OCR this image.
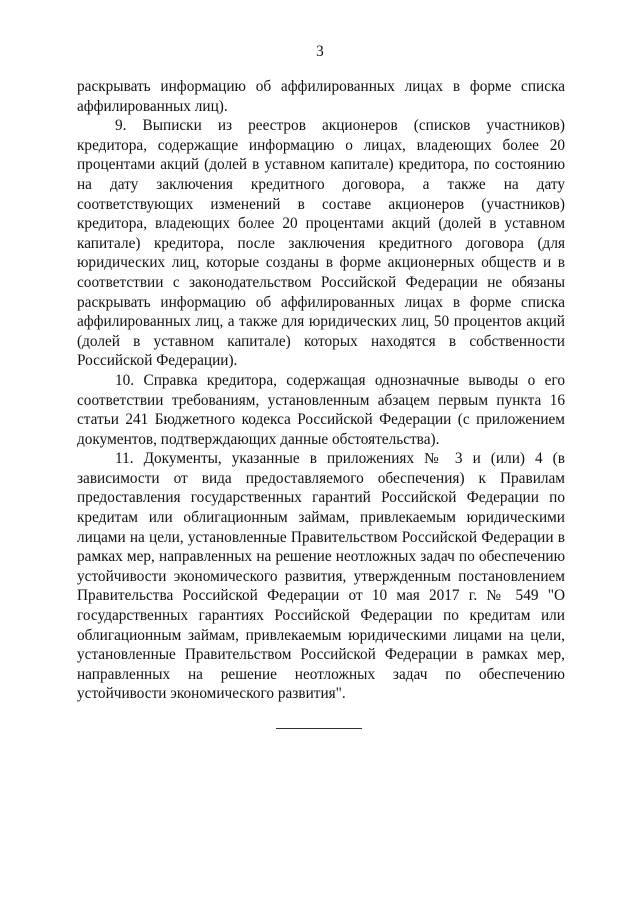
3

раскрывать информацию об аффилированных лицах в форме списка аффилированных лиц).

9. Выписки из реестров акционеров (списков участников) кредитора, содержащие информацию о лицах, владеющих более 20 процентами акций (долей в уставном капитале) кредитора, по состоянию на дату заключения кредитного договора, а также на дату соответствующих изменений в составе акционеров (участников) кредитора, владеющих более 20 процентами акций (долей в уставном капитале) кредитора, после заключения кредитного договора (для юридических лиц, которые созданы в форме акционерных обществ и в соответствии с законодательством Российской Федерации не обязаны раскрывать информацию об аффилированных лицах в форме списка аффилированных лиц, а также для юридических лиц, 50 процентов акций (долей в уставном капитале) которых находятся в собственности Российской Федерации).

10. Справка кредитора, содержащая однозначные выводы о его соответствии требованиям, установленным абзацем первым пункта 16 статьи 241 Бюджетного кодекса Российской Федерации (с приложением документов, подтверждающих данные обстоятельства).

11. Документы, указанные в приложениях № 3 и (или) 4 (в зависимости от вида предоставляемого обеспечения) к Правилам предоставления государственных гарантий Российской Федерации по кредитам или облигационным займам, привлекаемым юридическими лицами на цели, установленные Правительством Российской Федерации в рамках мер, направленных на решение неотложных задач по обеспечению устойчивости экономического развития, утвержденным постановлением Правительства Российской Федерации от 10 мая 2017 г. № 549 "О государственных гарантиях Российской Федерации по кредитам или облигационным займам, привлекаемым юридическими лицами на цели, установленные Правительством Российской Федерации в рамках мер, направленных на решение неотложных задач по обеспечению устойчивости экономического развития".
